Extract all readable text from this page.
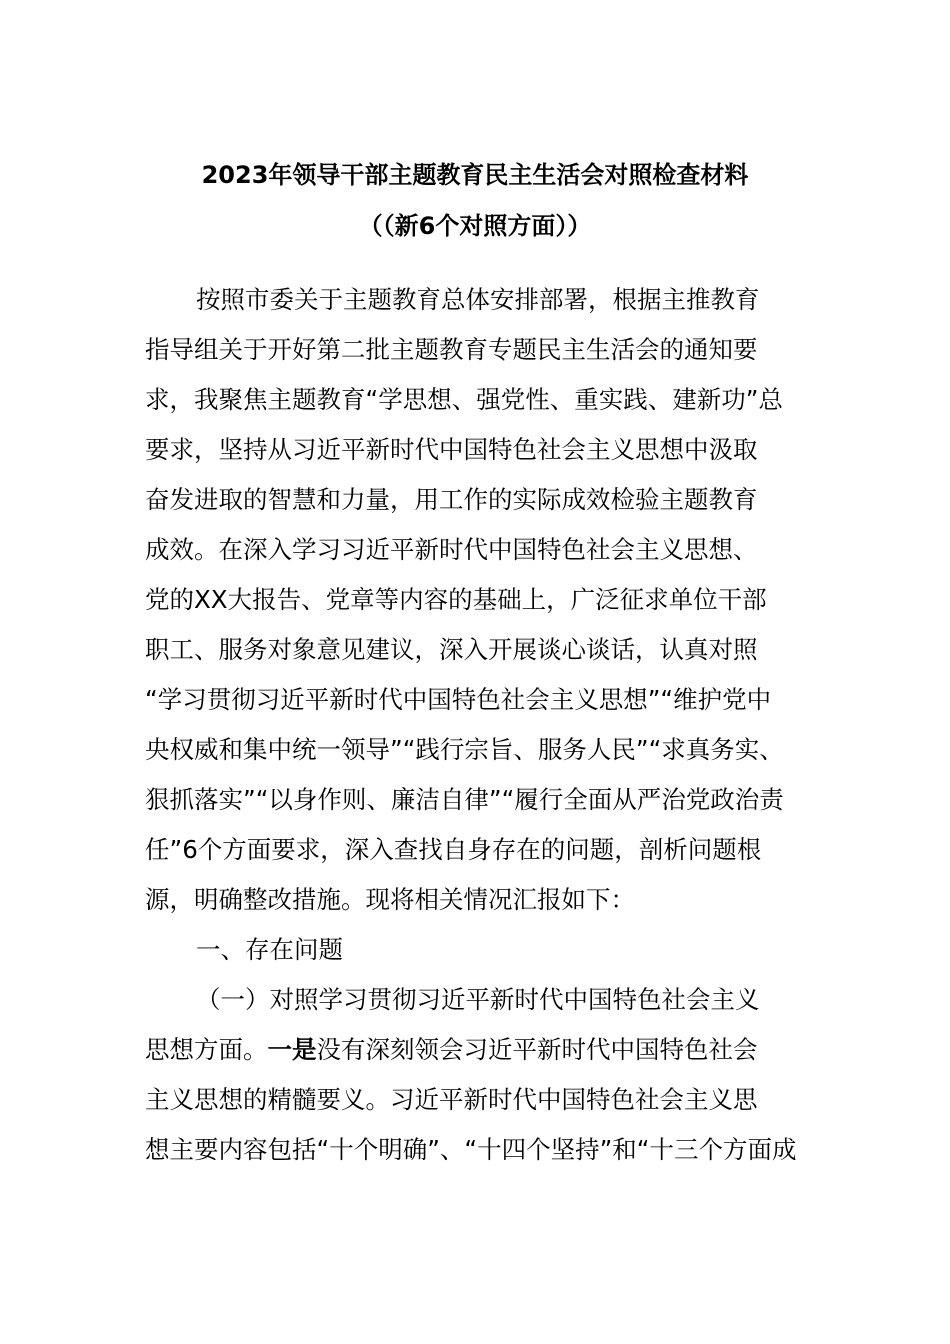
2023年领导干部主题教育民主生活会对照检查材料
（（新6个对照方面））
按照市委关于主题教育总体安排部署，根据主推教育
指导组关于开好第二批主题教育专题民主生活会的通知要
求，我聚焦主题教育“学思想、强党性、重实践、建新功”总
要求，坚持从习近平新时代中国特色社会主义思想中汲取
奋发进取的智慧和力量，用工作的实际成效检验主题教育
成效。在深入学习习近平新时代中国特色社会主义思想、
党的XX大报告、党章等内容的基础上，广泛征求单位干部
职工、服务对象意见建议，深入开展谈心谈话，认真对照
“学习贯彻习近平新时代中国特色社会主义思想”“维护党中
央权威和集中统一领导”“践行宗旨、服务人民”“求真务实、
狠抓落实”“以身作则、廉洁自律”“履行全面从严治党政治责
任”6个方面要求，深入查找自身存在的问题，剖析问题根
源，明确整改措施。现将相关情况汇报如下：
一、存在问题
（一）对照学习贯彻习近平新时代中国特色社会主义
思想方面。一是没有深刻领会习近平新时代中国特色社会
主义思想的精髓要义。习近平新时代中国特色社会主义思
想主要内容包括“十个明确”、“十四个坚持”和“十三个方面成
